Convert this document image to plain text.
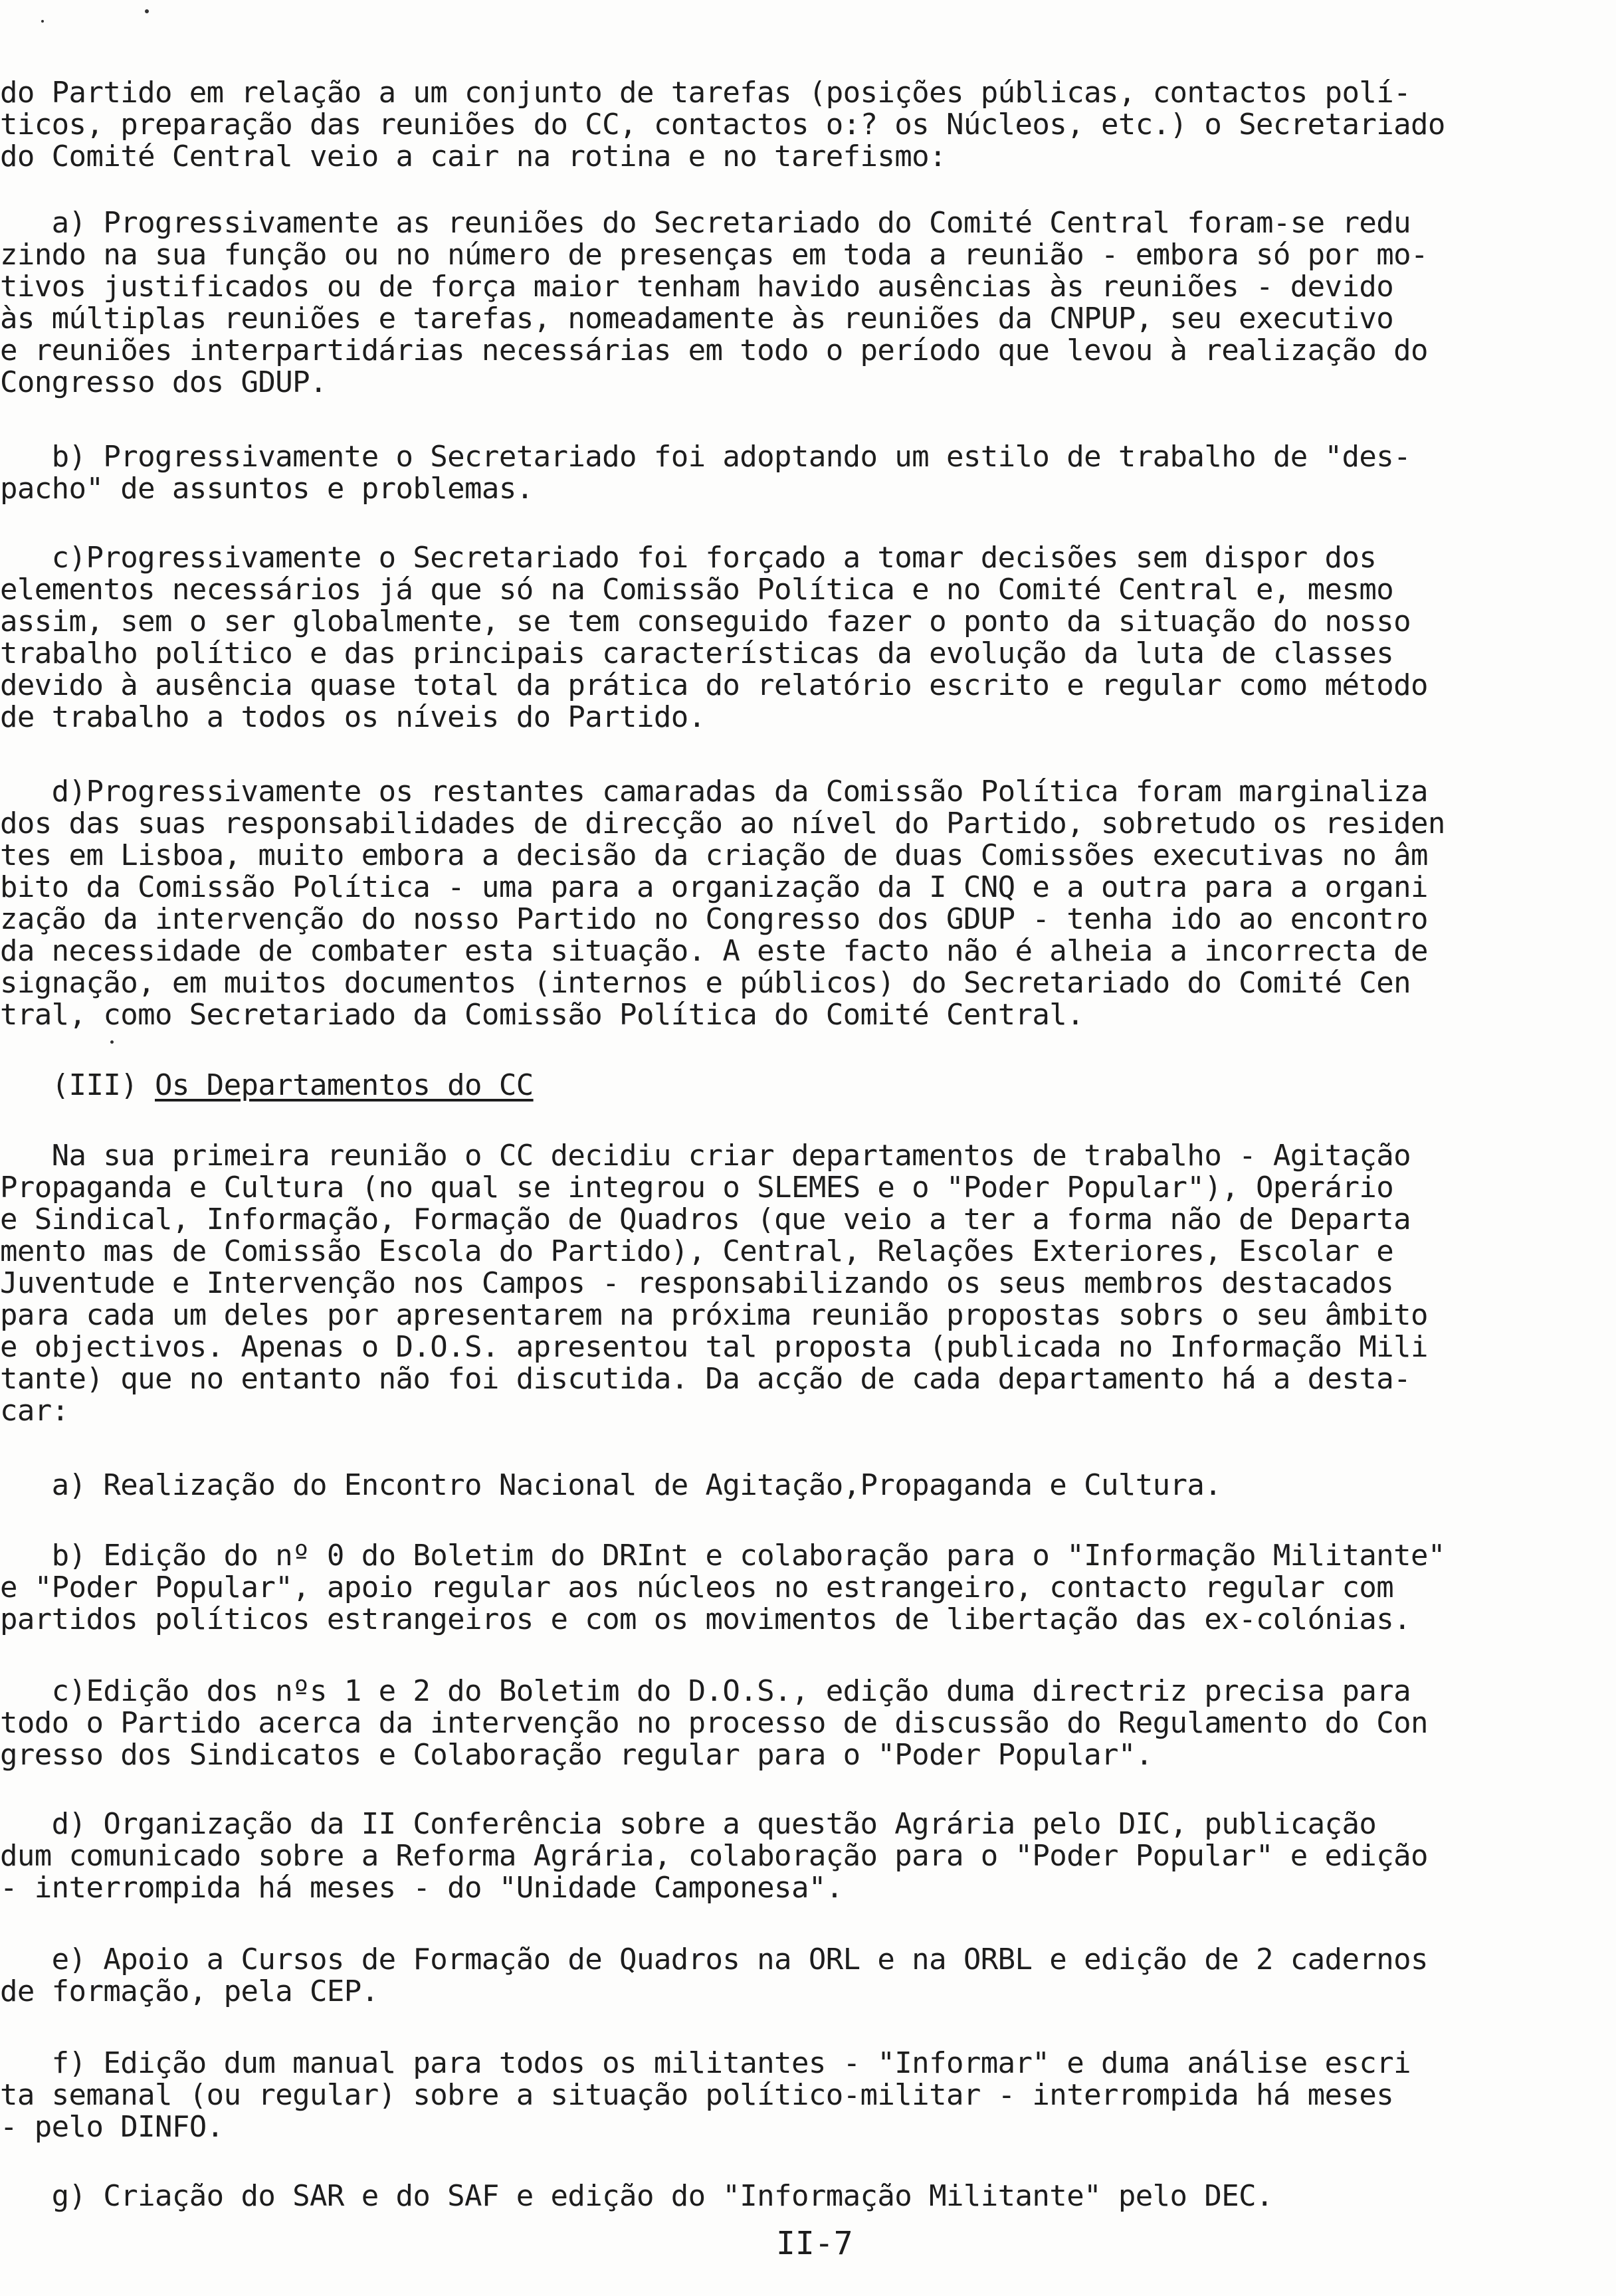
do Partido em relação a um conjunto de tarefas (posições públicas, contactos polí-

ticos, preparação das reuniões do CC, contactos o:? os Núcleos, etc.) o Secretariado

do Comité Central veio a cair na rotina e no tarefismo:

a) Progressivamente as reuniões do Secretariado do Comité Central foram-se redu

zindo na sua função ou no número de presenças em toda a reunião - embora só por mo-

tivos justificados ou de força maior tenham havido ausências às reuniões - devido

às múltiplas reuniões e tarefas, nomeadamente às reuniões da CNPUP, seu executivo

e reuniões interpartidárias necessárias em todo o período que levou à realização do

Congresso dos GDUP.

b) Progressivamente o Secretariado foi adoptando um estilo de trabalho de "des-

pacho" de assuntos e problemas.

c)Progressivamente o Secretariado foi forçado a tomar decisões sem dispor dos

elementos necessários já que só na Comissão Política e no Comité Central e, mesmo

assim, sem o ser globalmente, se tem conseguido fazer o ponto da situação do nosso

trabalho político e das principais características da evolução da luta de classes

devido à ausência quase total da prática do relatório escrito e regular como método

de trabalho a todos os níveis do Partido.

d)Progressivamente os restantes camaradas da Comissão Política foram marginaliza

dos das suas responsabilidades de direcção ao nível do Partido, sobretudo os residen

tes em Lisboa, muito embora a decisão da criação de duas Comissões executivas no âm

bito da Comissão Política - uma para a organização da I CNQ e a outra para a organi

zação da intervenção do nosso Partido no Congresso dos GDUP - tenha ido ao encontro

da necessidade de combater esta situação. A este facto não é alheia a incorrecta de

signação, em muitos documentos (internos e públicos) do Secretariado do Comité Cen

tral, como Secretariado da Comissão Política do Comité Central.

(III) Os Departamentos do CC

Na sua primeira reunião o CC decidiu criar departamentos de trabalho - Agitação

Propaganda e Cultura (no qual se integrou o SLEMES e o "Poder Popular"), Operário

e Sindical, Informação, Formação de Quadros (que veio a ter a forma não de Departa

mento mas de Comissão Escola do Partido), Central, Relações Exteriores, Escolar e

Juventude e Intervenção nos Campos - responsabilizando os seus membros destacados

para cada um deles por apresentarem na próxima reunião propostas sobrs o seu âmbito

e objectivos. Apenas o D.O.S. apresentou tal proposta (publicada no Informação Mili

tante) que no entanto não foi discutida. Da acção de cada departamento há a desta-

car:

a) Realização do Encontro Nacional de Agitação,Propaganda e Cultura.

b) Edição do nº 0 do Boletim do DRInt e colaboração para o "Informação Militante"

e "Poder Popular", apoio regular aos núcleos no estrangeiro, contacto regular com

partidos políticos estrangeiros e com os movimentos de libertação das ex-colónias.

c)Edição dos nºs 1 e 2 do Boletim do D.O.S., edição duma directriz precisa para

todo o Partido acerca da intervenção no processo de discussão do Regulamento do Con

gresso dos Sindicatos e Colaboração regular para o "Poder Popular".

d) Organização da II Conferência sobre a questão Agrária pelo DIC, publicação

dum comunicado sobre a Reforma Agrária, colaboração para o "Poder Popular" e edição

- interrompida há meses - do "Unidade Camponesa".

e) Apoio a Cursos de Formação de Quadros na ORL e na ORBL e edição de 2 cadernos

de formação, pela CEP.

f) Edição dum manual para todos os militantes - "Informar" e duma análise escri

ta semanal (ou regular) sobre a situação político-militar - interrompida há meses

- pelo DINFO.

g) Criação do SAR e do SAF e edição do "Informação Militante" pelo DEC.

II-7
